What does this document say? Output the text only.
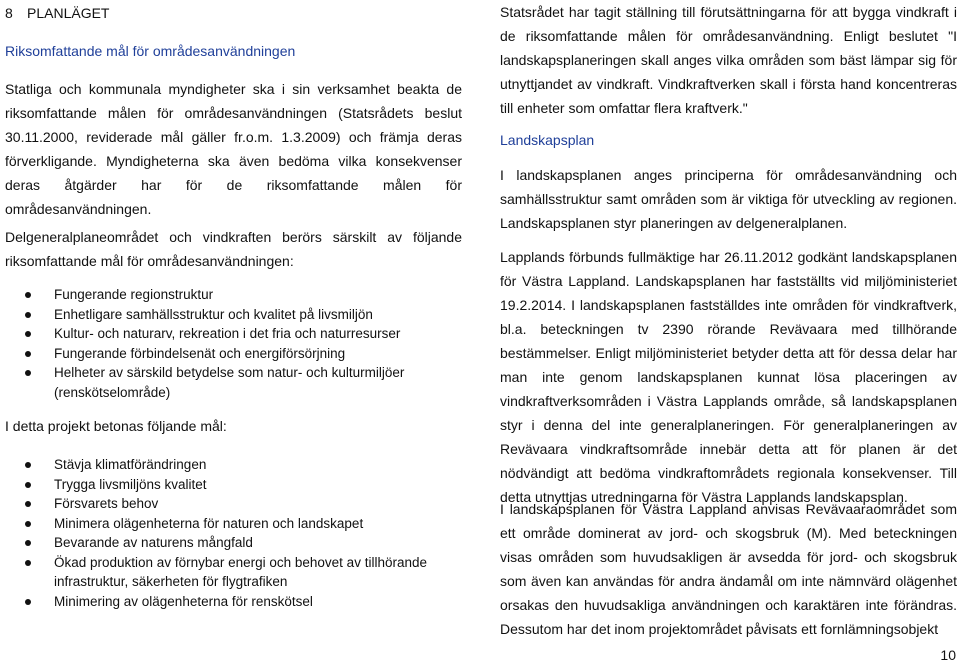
8 PLANLÄGET
Riksomfattande mål för områdesanvändningen

Statliga och kommunala myndigheter ska i sin verksamhet beakta de riksomfattande målen för områdesanvändningen (Statsrådets beslut 30.11.2000, reviderade mål gäller fr.o.m. 1.3.2009) och främja deras förverkligande. Myndigheterna ska även bedöma vilka konsekvenser deras åtgärder har för de riksomfattande målen för områdesanvändningen.

Delgeneralplaneområdet och vindkraften berörs särskilt av följande riksomfattande mål för områdesanvändningen:

Fungerande regionstruktur
Enhetligare samhällsstruktur och kvalitet på livsmiljön
Kultur- och naturarv, rekreation i det fria och naturresurser
Fungerande förbindelsenät och energiförsörjning
Helheter av särskild betydelse som natur- och kulturmiljöer (renskötselområde)

I detta projekt betonas följande mål:

Stävja klimatförändringen
Trygga livsmiljöns kvalitet
Försvarets behov
Minimera olägenheterna för naturen och landskapet
Bevarande av naturens mångfald
Ökad produktion av förnybar energi och behovet av tillhörande infrastruktur, säkerheten för flygtrafiken
Minimering av olägenheterna för renskötsel

Statsrådet har tagit ställning till förutsättningarna för att bygga vindkraft i de riksomfattande målen för områdesanvändning. Enligt beslutet "I landskapsplaneringen skall anges vilka områden som bäst lämpar sig för utnyttjandet av vindkraft. Vindkraftverken skall i första hand koncentreras till enheter som omfattar flera kraftverk."

Landskapsplan

I landskapsplanen anges principerna för områdesanvändning och samhällsstruktur samt områden som är viktiga för utveckling av regionen. Landskapsplanen styr planeringen av delgeneralplanen.

Lapplands förbunds fullmäktige har 26.11.2012 godkänt landskapsplanen för Västra Lappland. Landskapsplanen har fastställts vid miljöministeriet 19.2.2014. I landskapsplanen fastställdes inte områden för vindkraftverk, bl.a. beteckningen tv 2390 rörande Revävaara med tillhörande bestämmelser. Enligt miljöministeriet betyder detta att för dessa delar har man inte genom landskapsplanen kunnat lösa placeringen av vindkraftverksområden i Västra Lapplands område, så landskapsplanen styr i denna del inte generalplaneringen. För generalplaneringen av Revävaara vindkraftsområde innebär detta att för planen är det nödvändigt att bedöma vindkraftområdets regionala konsekvenser. Till detta utnyttjas utredningarna för Västra Lapplands landskapsplan.

I landskapsplanen för Västra Lappland anvisas Revävaaraområdet som ett område dominerat av jord- och skogsbruk (M). Med beteckningen visas områden som huvudsakligen är avsedda för jord- och skogsbruk som även kan användas för andra ändamål om inte nämnvärd olägenhet orsakas den huvudsakliga användningen och karaktären inte förändras. Dessutom har det inom projektområdet påvisats ett fornlämningsobjekt

10
